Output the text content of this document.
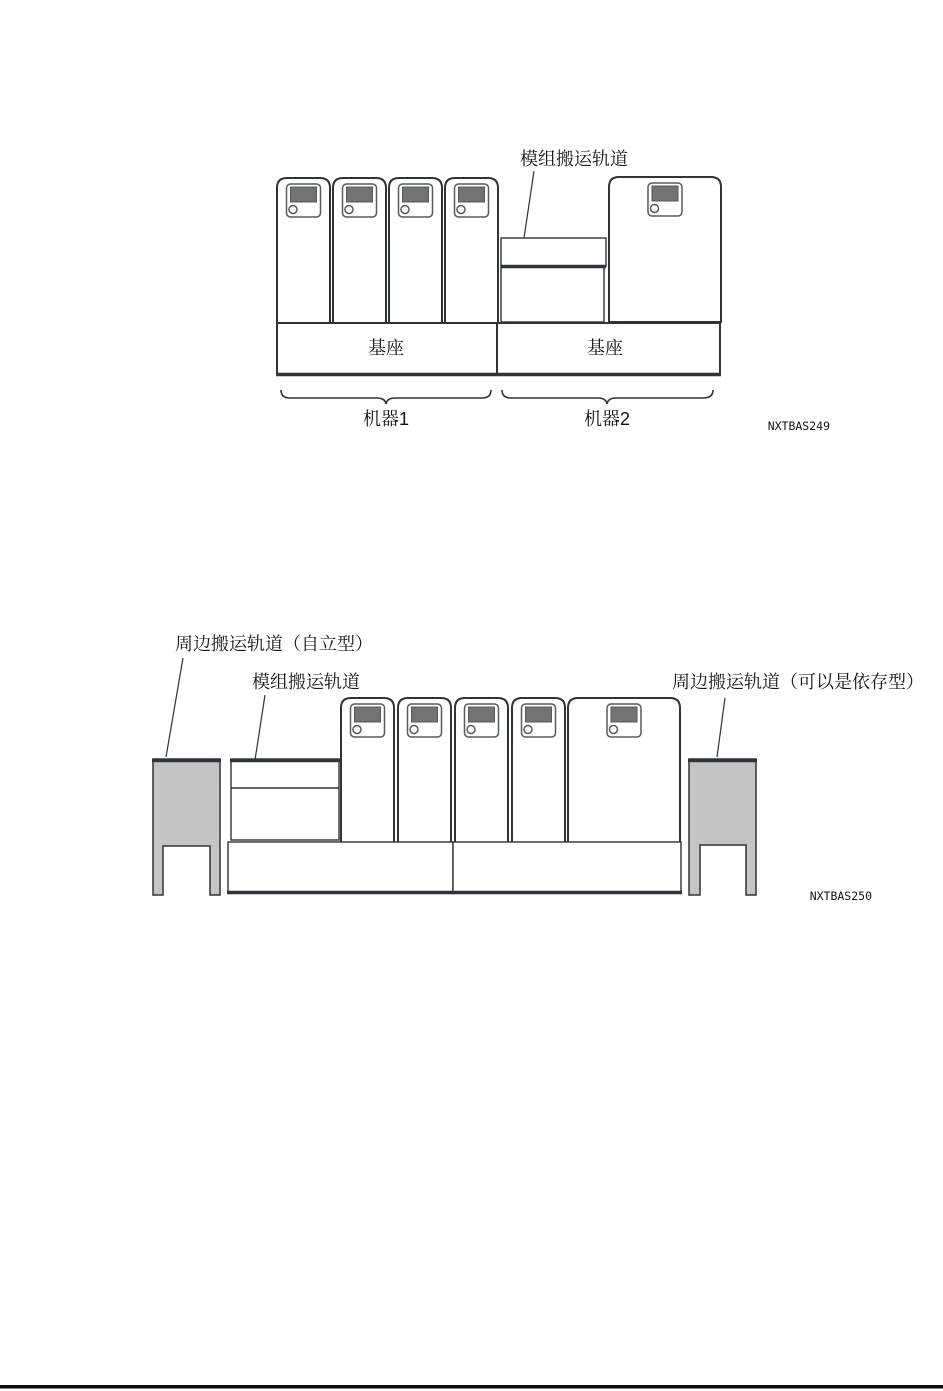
模组搬运轨道
基座	基座
机器1	机器2	NXTBAS249
周边搬运轨道（自立型）
模组搬运轨道	周边搬运轨道（可以是依存型）
NXTBAS250
